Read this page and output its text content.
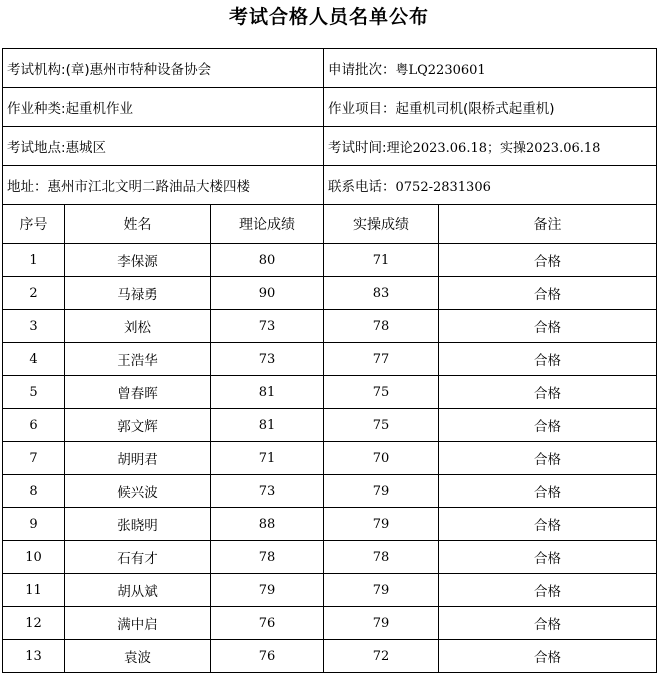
考试合格人员名单公布
考试机构:(章)惠州市特种设备协会			申请批次：粤LQ2230601	
作业种类:起重机作业			作业项目：起重机司机(限桥式起重机)	
考试地点:惠城区			考试时间:理论2023.06.18；实操2023.06.18	
地址：惠州市江北文明二路油品大楼四楼			联系电话：0752-2831306	
序号	姓名	理论成绩	实操成绩	备注
1	李保源	80	71	合格
2	马禄勇	90	83	合格
3	刘松	73	78	合格
4	王浩华	73	77	合格
5	曾春晖	81	75	合格
6	郭文辉	81	75	合格
7	胡明君	71	70	合格
8	候兴波	73	79	合格
9	张晓明	88	79	合格
10	石有才	78	78	合格
11	胡从斌	79	79	合格
12	满中启	76	79	合格
13	袁波	76	72	合格
